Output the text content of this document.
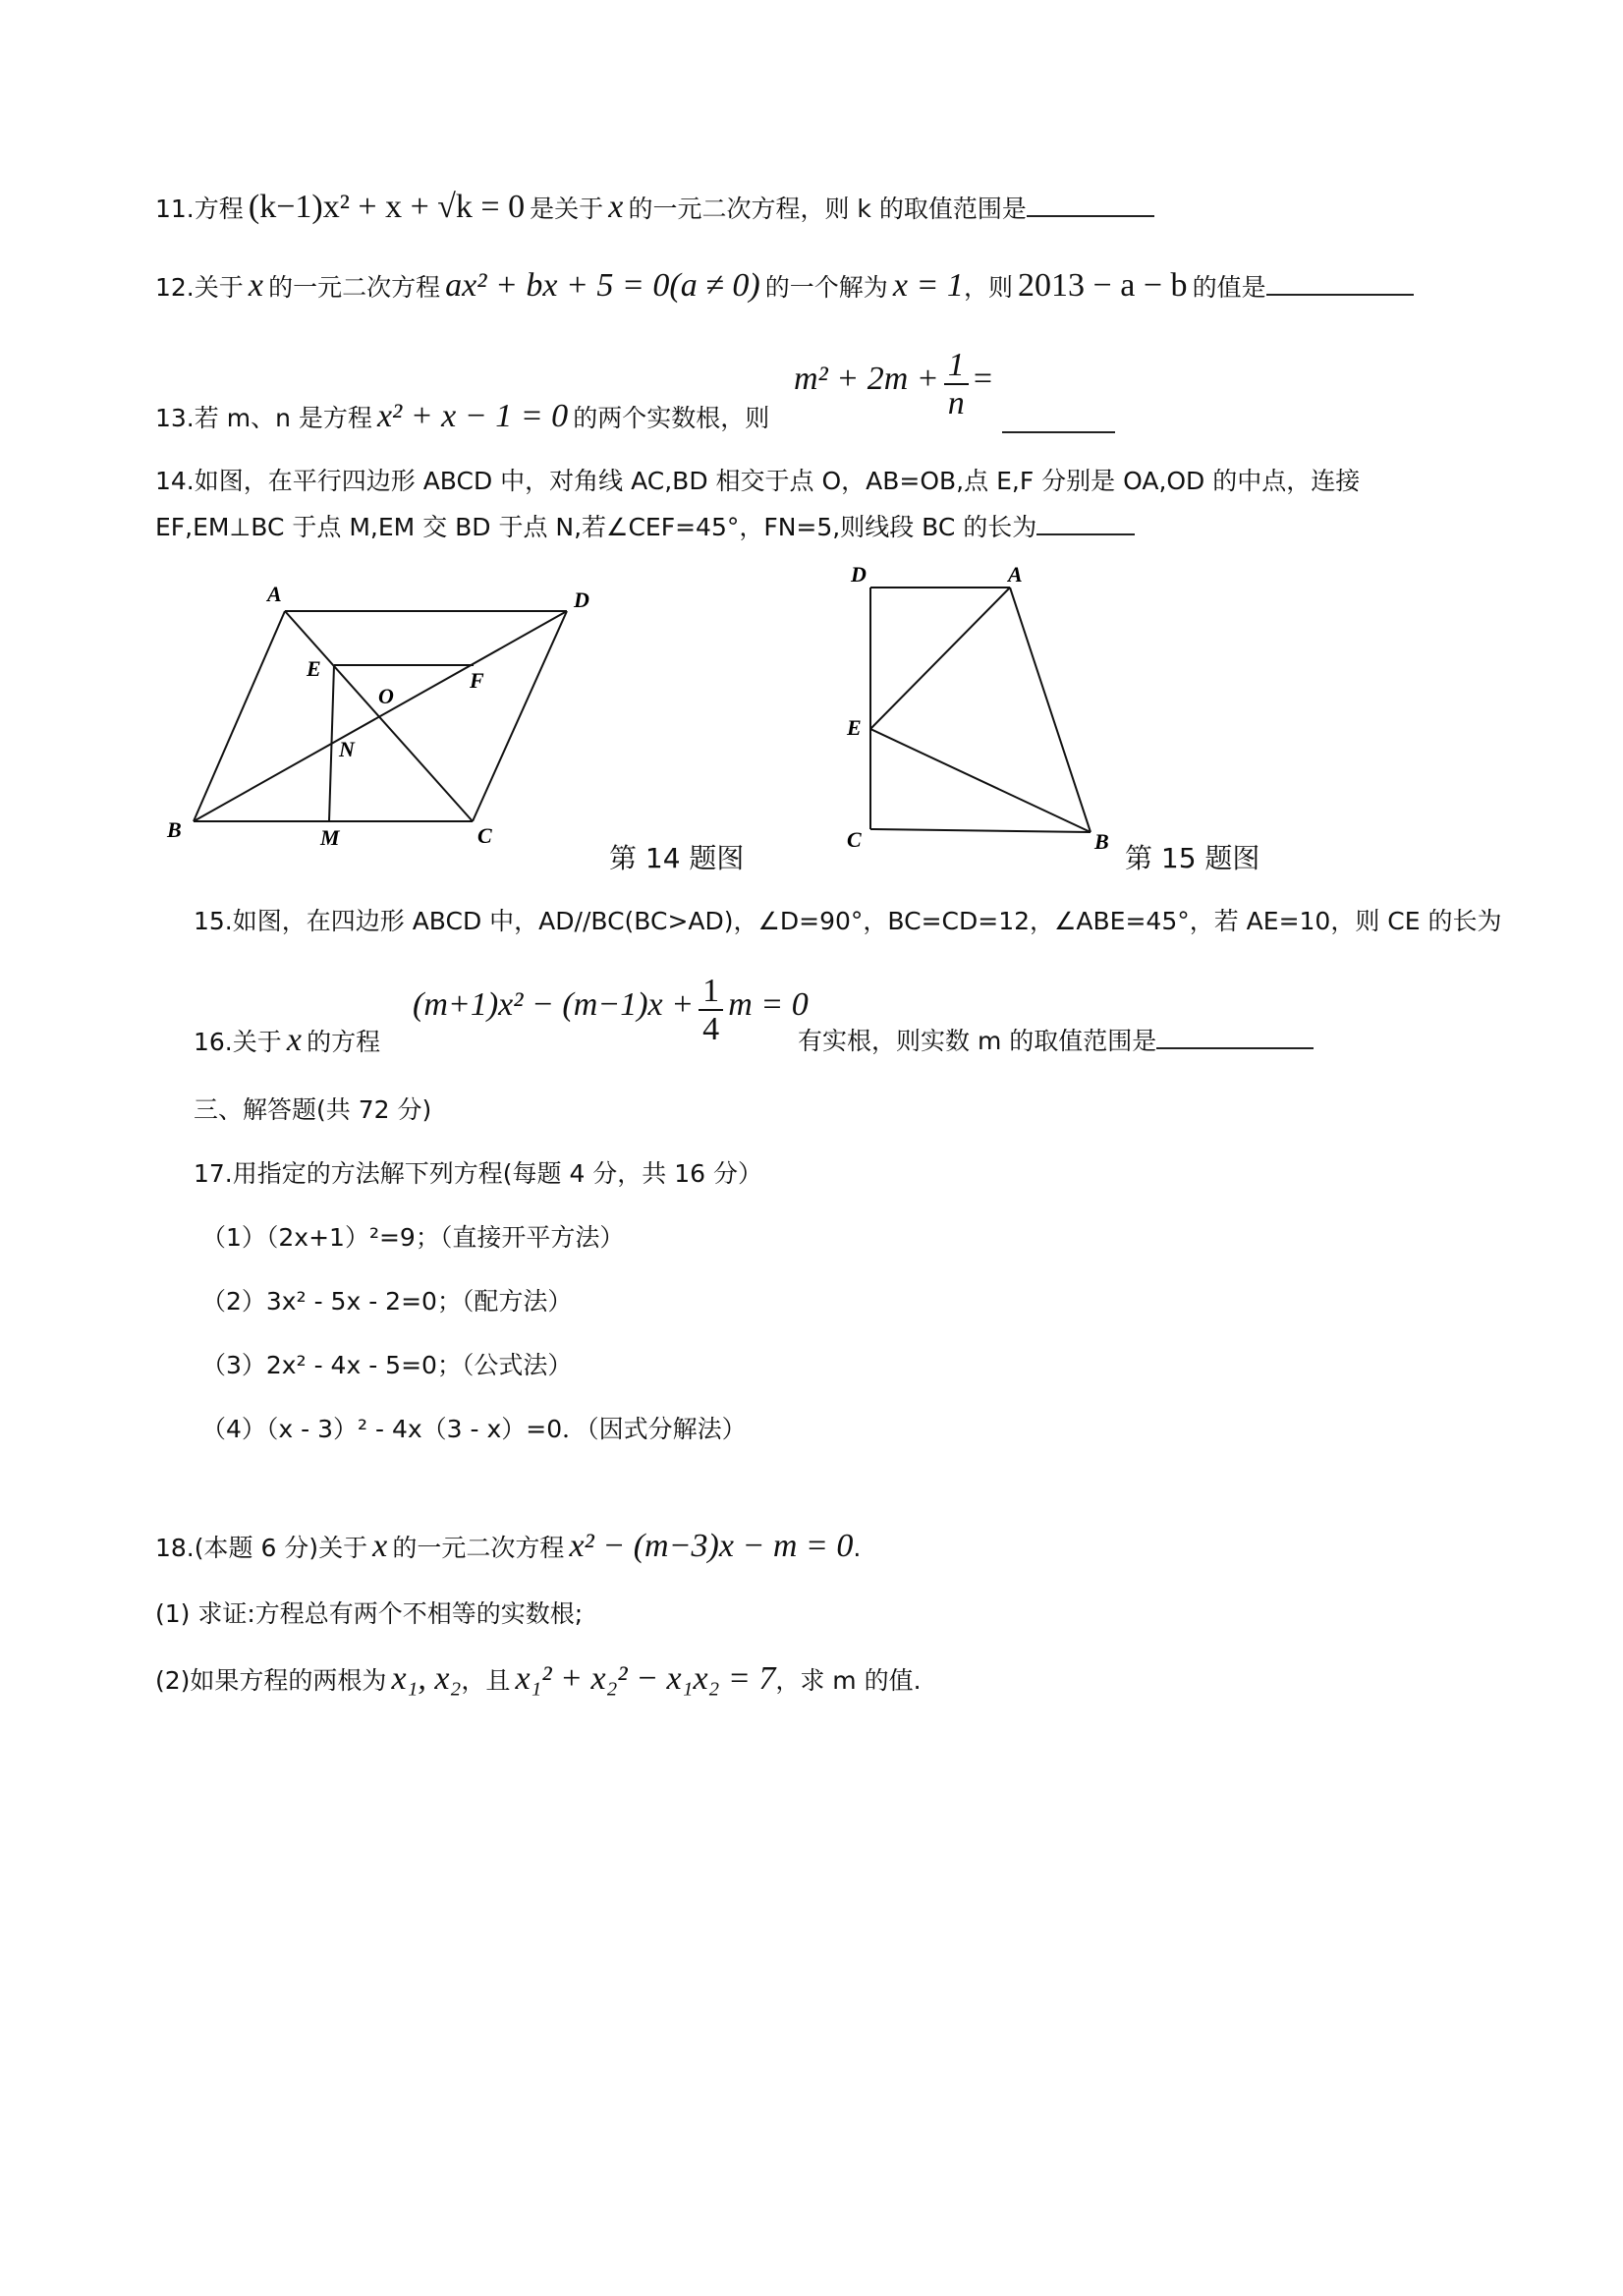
11.方程 (k−1)x² + x + √k = 0 是关于 x 的一元二次方程，则 k 的取值范围是
12.关于 x 的一元二次方程 ax² + bx + 5 = 0(a ≠ 0) 的一个解为 x = 1，则 2013 − a − b 的值是
13.若 m、n 是方程 x² + x − 1 = 0 的两个实数根，则
$m^2 + 2m + \frac{1}{n}$ =
14.如图，在平行四边形 ABCD 中，对角线 AC,BD 相交于点 O，AB=OB,点 E,F 分别是 OA,OD 的中点，连接
EF,EM⊥BC 于点 M,EM 交 BD 于点 N,若∠CEF=45°，FN=5,则线段 BC 的长为
A	D
E	F
O
N
B	M	C
第 14 题图
D	A
E
C	B
第 15 题图
15.如图，在四边形 ABCD 中，AD//BC(BC>AD)，∠D=90°，BC=CD=12，∠ABE=45°，若 AE=10，则 CE 的长为
16.关于 x 的方程
$(m+1)x^2 - (m-1)x + \frac{1}{4}$ m = 0
有实根，则实数 m 的取值范围是
三、解答题(共 72 分)
17.用指定的方法解下列方程(每题 4 分，共 16 分）
（1）（2x+1）²=9；（直接开平方法）
（2）3x² - 5x - 2=0；（配方法）
（3）2x² - 4x - 5=0；（公式法）
（4）（x - 3）² - 4x（3 - x）=0．（因式分解法）
18.(本题 6 分)关于 x 的一元二次方程 x² − (m−3)x − m = 0.
(1) 求证:方程总有两个不相等的实数根;
(2)如果方程的两根为 x₁, x₂，且 x₁² + x₂² − x₁x₂ = 7，求 m 的值.
